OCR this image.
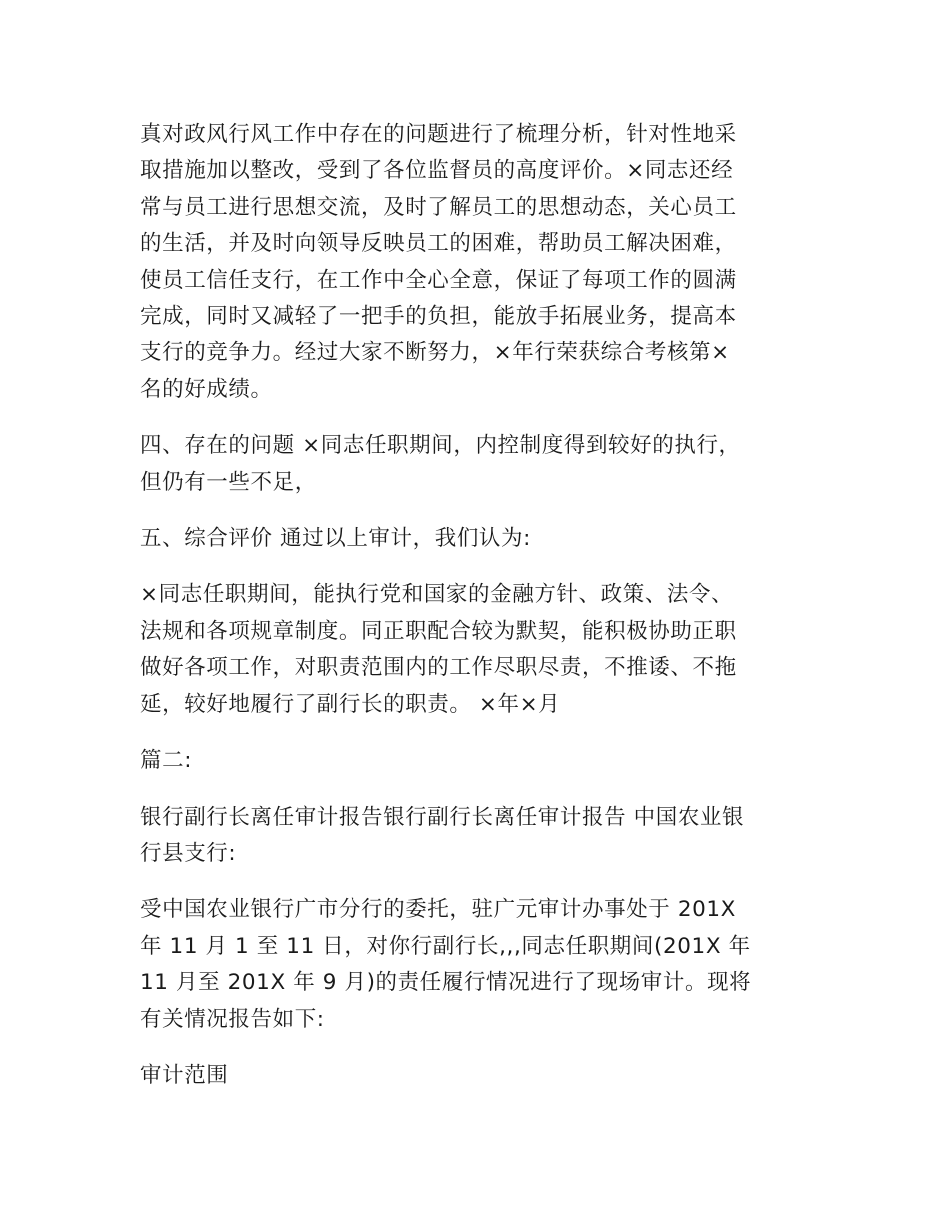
真对政风行风工作中存在的问题进行了梳理分析，针对性地采
取措施加以整改，受到了各位监督员的高度评价。×同志还经
常与员工进行思想交流，及时了解员工的思想动态，关心员工
的生活，并及时向领导反映员工的困难，帮助员工解决困难，
使员工信任支行，在工作中全心全意，保证了每项工作的圆满
完成，同时又减轻了一把手的负担，能放手拓展业务，提高本
支行的竞争力。经过大家不断努力，×年行荣获综合考核第×
名的好成绩。

四、存在的问题 ×同志任职期间，内控制度得到较好的执行，
但仍有一些不足，

五、综合评价 通过以上审计，我们认为:

×同志任职期间，能执行党和国家的金融方针、政策、法令、
法规和各项规章制度。同正职配合较为默契，能积极协助正职
做好各项工作，对职责范围内的工作尽职尽责，不推诿、不拖
延，较好地履行了副行长的职责。 ×年×月

篇二:

银行副行长离任审计报告银行副行长离任审计报告 中国农业银
行县支行:

受中国农业银行广市分行的委托，驻广元审计办事处于 201X
年 11 月 1 至 11 日，对你行副行长,,,同志任职期间(201X 年
11 月至 201X 年 9 月)的责任履行情况进行了现场审计。现将
有关情况报告如下:

审计范围
